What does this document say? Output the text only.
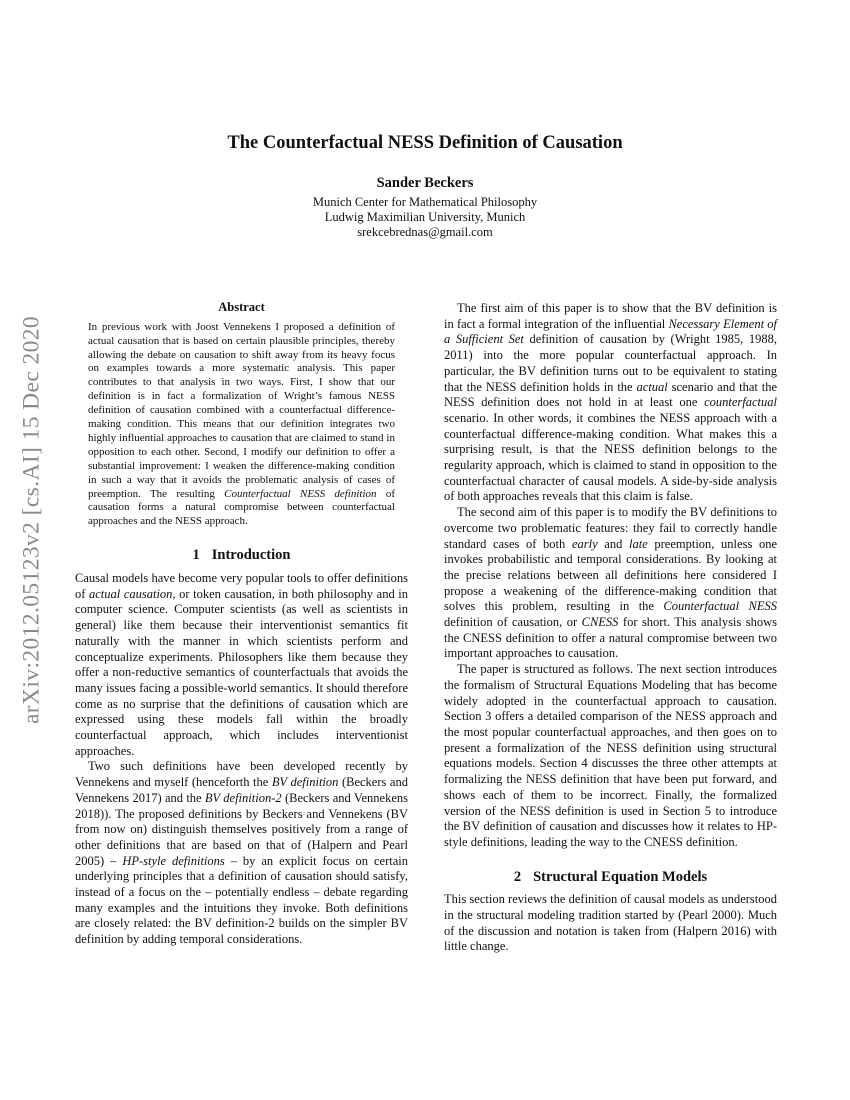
arXiv:2012.05123v2 [cs.AI] 15 Dec 2020
The Counterfactual NESS Definition of Causation
Sander Beckers
Munich Center for Mathematical Philosophy
Ludwig Maximilian University, Munich
srekcebrednas@gmail.com
Abstract

In previous work with Joost Vennekens I proposed a definition of actual causation that is based on certain plausible principles, thereby allowing the debate on causation to shift away from its heavy focus on examples towards a more systematic analysis. This paper contributes to that analysis in two ways. First, I show that our definition is in fact a formalization of Wright’s famous NESS definition of causation combined with a counterfactual difference-making condition. This means that our definition integrates two highly influential approaches to causation that are claimed to stand in opposition to each other. Second, I modify our definition to offer a substantial improvement: I weaken the difference-making condition in such a way that it avoids the problematic analysis of cases of preemption. The resulting Counterfactual NESS definition of causation forms a natural compromise between counterfactual approaches and the NESS approach.

1 Introduction

Causal models have become very popular tools to offer definitions of actual causation, or token causation, in both philosophy and in computer science. Computer scientists (as well as scientists in general) like them because their interventionist semantics fit naturally with the manner in which scientists perform and conceptualize experiments. Philosophers like them because they offer a non-reductive semantics of counterfactuals that avoids the many issues facing a possible-world semantics. It should therefore come as no surprise that the definitions of causation which are expressed using these models fall within the broadly counterfactual approach, which includes interventionist approaches.

Two such definitions have been developed recently by Vennekens and myself (henceforth the BV definition (Beckers and Vennekens 2017) and the BV definition-2 (Beckers and Vennekens 2018)). The proposed definitions by Beckers and Vennekens (BV from now on) distinguish themselves positively from a range of other definitions that are based on that of (Halpern and Pearl 2005) – HP-style definitions – by an explicit focus on certain underlying principles that a definition of causation should satisfy, instead of a focus on the – potentially endless – debate regarding many examples and the intuitions they invoke. Both definitions are closely related: the BV definition-2 builds on the simpler BV definition by adding temporal considerations.

The first aim of this paper is to show that the BV definition is in fact a formal integration of the influential Necessary Element of a Sufficient Set definition of causation by (Wright 1985, 1988, 2011) into the more popular counterfactual approach. In particular, the BV definition turns out to be equivalent to stating that the NESS definition holds in the actual scenario and that the NESS definition does not hold in at least one counterfactual scenario. In other words, it combines the NESS approach with a counterfactual difference-making condition. What makes this a surprising result, is that the NESS definition belongs to the regularity approach, which is claimed to stand in opposition to the counterfactual character of causal models. A side-by-side analysis of both approaches reveals that this claim is false.

The second aim of this paper is to modify the BV definitions to overcome two problematic features: they fail to correctly handle standard cases of both early and late preemption, unless one invokes probabilistic and temporal considerations. By looking at the precise relations between all definitions here considered I propose a weakening of the difference-making condition that solves this problem, resulting in the Counterfactual NESS definition of causation, or CNESS for short. This analysis shows the CNESS definition to offer a natural compromise between two important approaches to causation.

The paper is structured as follows. The next section introduces the formalism of Structural Equations Modeling that has become widely adopted in the counterfactual approach to causation. Section 3 offers a detailed comparison of the NESS approach and the most popular counterfactual approaches, and then goes on to present a formalization of the NESS definition using structural equations models. Section 4 discusses the three other attempts at formalizing the NESS definition that have been put forward, and shows each of them to be incorrect. Finally, the formalized version of the NESS definition is used in Section 5 to introduce the BV definition of causation and discusses how it relates to HP-style definitions, leading the way to the CNESS definition.

2 Structural Equation Models

This section reviews the definition of causal models as understood in the structural modeling tradition started by (Pearl 2000). Much of the discussion and notation is taken from (Halpern 2016) with little change.
